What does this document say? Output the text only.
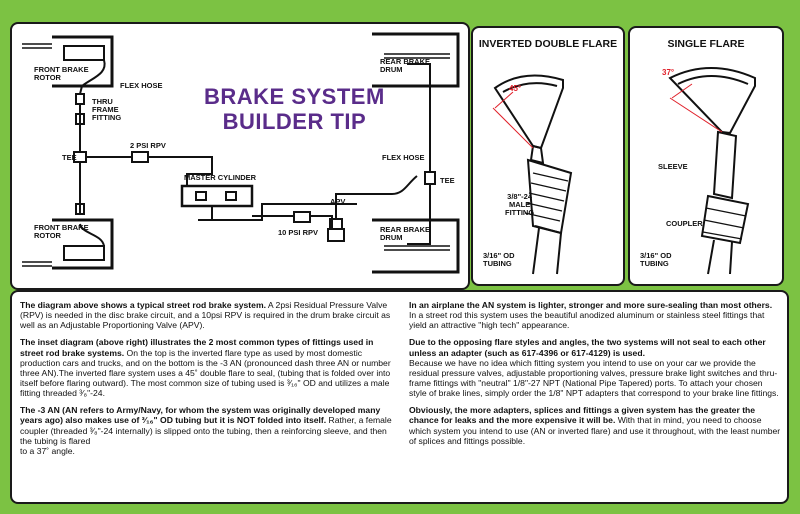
BRAKE SYSTEM
BUILDER TIP
FRONT BRAKE
ROTOR
FLEX HOSE
THRU
FRAME
FITTING
TEE
2 PSI RPV
MASTER CYLINDER
10 PSI RPV
APV
FLEX HOSE
TEE
REAR BRAKE
DRUM
REAR BRAKE
DRUM
FRONT BRAKE
ROTOR
INVERTED DOUBLE FLARE
45°
3/8"-24
MALE
FITTING
3/16" OD
TUBING
SINGLE FLARE
37°
SLEEVE
COUPLER
3/16" OD
TUBING

The diagram above shows a typical street rod brake system. A 2psi Residual Pressure Valve (RPV) is needed in the disc brake circuit, and a 10psi RPV is required in the drum brake circuit as well as an Adjustable Proportioning Valve (APV).

The inset diagram (above right) illustrates the 2 most common types of fittings used in street rod brake systems. On the top is the inverted flare type as used by most domestic production cars and trucks, and on the bottom is the -3 AN (pronounced dash three AN or number three AN).The inverted flare system uses a 45˚ double flare to seal, (tubing that is folded over into itself before flaring outward). The most common size of tubing used is ³⁄₁₆" OD and utilizes a male fitting threaded ³⁄₈"-24.

The -3 AN (AN refers to Army/Navy, for whom the system was originally developed many years ago) also makes use of ³⁄₁₆" OD tubing but it is NOT folded into itself. Rather, a female coupler (threaded ³⁄₈"-24 internally) is slipped onto the tubing, then a reinforcing sleeve, and then the tubing is flared
to a 37˚ angle.

In an airplane the AN system is lighter, stronger and more sure-sealing than most others. In a street rod this system uses the beautiful anodized aluminum or stainless steel fittings that yield an attractive "high tech" appearance.

Due to the opposing flare styles and angles, the two systems will not seal to each other unless an adapter (such as 617-4396 or 617-4129) is used.
Because we have no idea which fitting system you intend to use on your car we provide the residual pressure valves, adjustable proportioning valves, pressure brake light switches and thru-frame fittings with "neutral" 1/8"-27 NPT (National Pipe Tapered) ports. To attach your chosen style of brake lines, simply order the 1/8" NPT adapters that correspond to your brake line fittings.

Obviously, the more adapters, splices and fittings a given system has the greater the chance for leaks and the more expensive it will be. With that in mind, you need to choose which system you intend to use (AN or inverted flare) and use it throughout, with the least number of splices and fittings possible.
